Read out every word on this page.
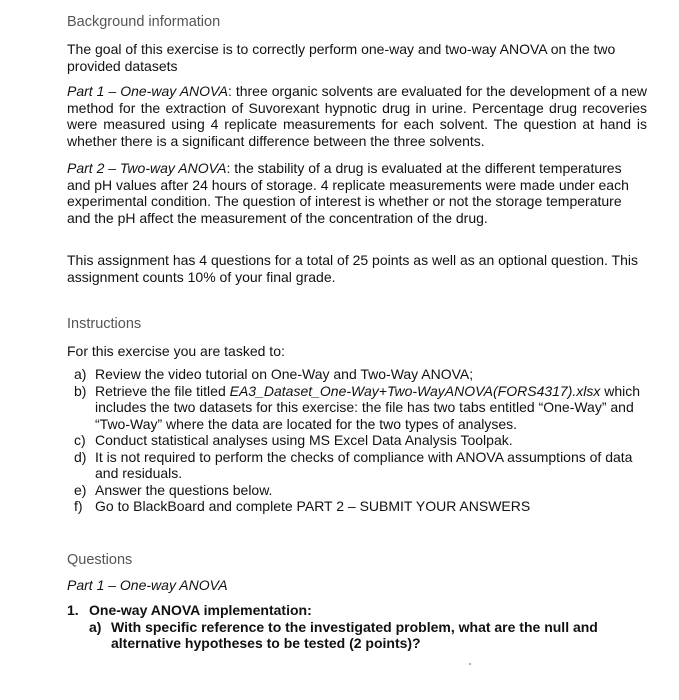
Background information

The goal of this exercise is to correctly perform one-way and two-way ANOVA on the two provided datasets

Part 1 – One-way ANOVA: three organic solvents are evaluated for the development of a new method for the extraction of Suvorexant hypnotic drug in urine. Percentage drug recoveries were measured using 4 replicate measurements for each solvent. The question at hand is whether there is a significant difference between the three solvents.

Part 2 – Two-way ANOVA: the stability of a drug is evaluated at the different temperatures and pH values after 24 hours of storage. 4 replicate measurements were made under each experimental condition. The question of interest is whether or not the storage temperature and the pH affect the measurement of the concentration of the drug.

This assignment has 4 questions for a total of 25 points as well as an optional question. This assignment counts 10% of your final grade.

Instructions

For this exercise you are tasked to:

a) Review the video tutorial on One-Way and Two-Way ANOVA;
b) Retrieve the file titled EA3_Dataset_One-Way+Two-WayANOVA(FORS4317).xlsx which includes the two datasets for this exercise: the file has two tabs entitled “One-Way” and “Two-Way” where the data are located for the two types of analyses.
c) Conduct statistical analyses using MS Excel Data Analysis Toolpak.
d) It is not required to perform the checks of compliance with ANOVA assumptions of data and residuals.
e) Answer the questions below.
f) Go to BlackBoard and complete PART 2 – SUBMIT YOUR ANSWERS
Questions

Part 1 – One-way ANOVA

1. One-way ANOVA implementation:
a) With specific reference to the investigated problem, what are the null and alternative hypotheses to be tested (2 points)?
